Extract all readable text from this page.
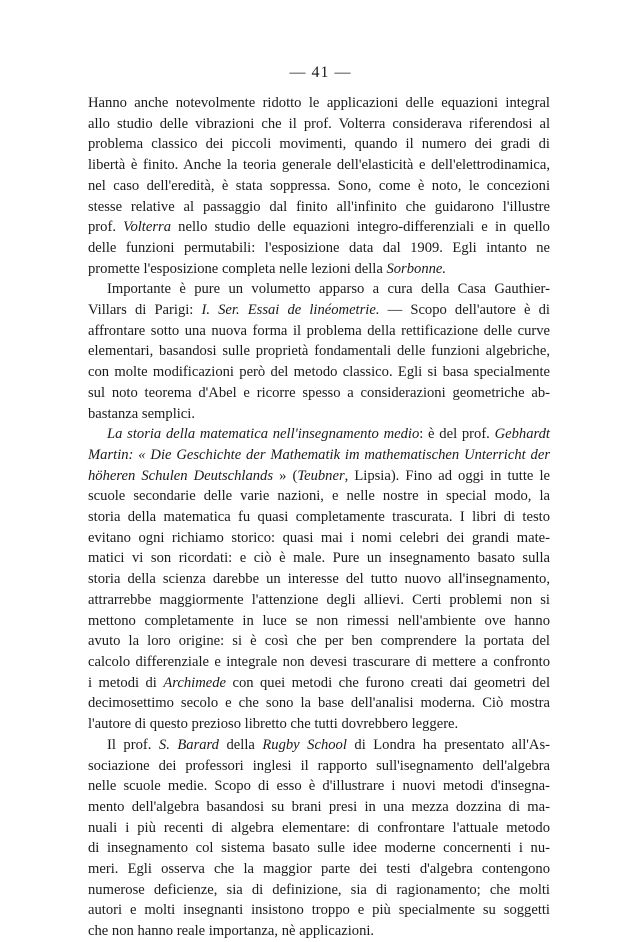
— 41 —
Hanno anche notevolmente ridotto le applicazioni delle equazioni integral
allo studio delle vibrazioni che il prof. Volterra considerava riferendosi al
problema classico dei piccoli movimenti, quando il numero dei gradi di
libertà è finito. Anche la teoria generale dell'elasticità e dell'elettrodinamica,
nel caso dell'eredità, è stata soppressa. Sono, come è noto, le concezioni
stesse relative al passaggio dal finito all'infinito che guidarono l'illustre
prof. Volterra nello studio delle equazioni integro-differenziali e in quello
delle funzioni permutabili: l'esposizione data dal 1909. Egli intanto ne
promette l'esposizione completa nelle lezioni della Sorbonne.
Importante è pure un volumetto apparso a cura della Casa Gauthier-
Villars di Parigi: I. Ser. Essai de linéometrie. — Scopo dell'autore è di
affrontare sotto una nuova forma il problema della rettificazione delle curve
elementari, basandosi sulle proprietà fondamentali delle funzioni algebriche,
con molte modificazioni però del metodo classico. Egli si basa specialmente
sul noto teorema d'Abel e ricorre spesso a considerazioni geometriche ab-
bastanza semplici.
La storia della matematica nell'insegnamento medio: è del prof. Gebhardt
Martin: « Die Geschichte der Mathematik im mathematischen Unterricht der
höheren Schulen Deutschlands » (Teubner, Lipsia). Fino ad oggi in tutte le
scuole secondarie delle varie nazioni, e nelle nostre in special modo, la
storia della matematica fu quasi completamente trascurata. I libri di testo
evitano ogni richiamo storico: quasi mai i nomi celebri dei grandi mate-
matici vi son ricordati: e ciò è male. Pure un insegnamento basato sulla
storia della scienza darebbe un interesse del tutto nuovo all'insegnamento,
attrarrebbe maggiormente l'attenzione degli allievi. Certi problemi non si
mettono completamente in luce se non rimessi nell'ambiente ove hanno
avuto la loro origine: si è così che per ben comprendere la portata del
calcolo differenziale e integrale non devesi trascurare di mettere a confronto
i metodi di Archimede con quei metodi che furono creati dai geometri del
decimosettimo secolo e che sono la base dell'analisi moderna. Ciò mostra
l'autore di questo prezioso libretto che tutti dovrebbero leggere.
Il prof. S. Barard della Rugby School di Londra ha presentato all'As-
sociazione dei professori inglesi il rapporto sull'isegnamento dell'algebra
nelle scuole medie. Scopo di esso è d'illustrare i nuovi metodi d'insegna-
mento dell'algebra basandosi su brani presi in una mezza dozzina di ma-
nuali i più recenti di algebra elementare: di confrontare l'attuale metodo
di insegnamento col sistema basato sulle idee moderne concernenti i nu-
meri. Egli osserva che la maggior parte dei testi d'algebra contengono
numerose deficienze, sia di definizione, sia di ragionamento; che molti
autori e molti insegnanti insistono troppo e più specialmente su soggetti
che non hanno reale importanza, nè applicazioni.
